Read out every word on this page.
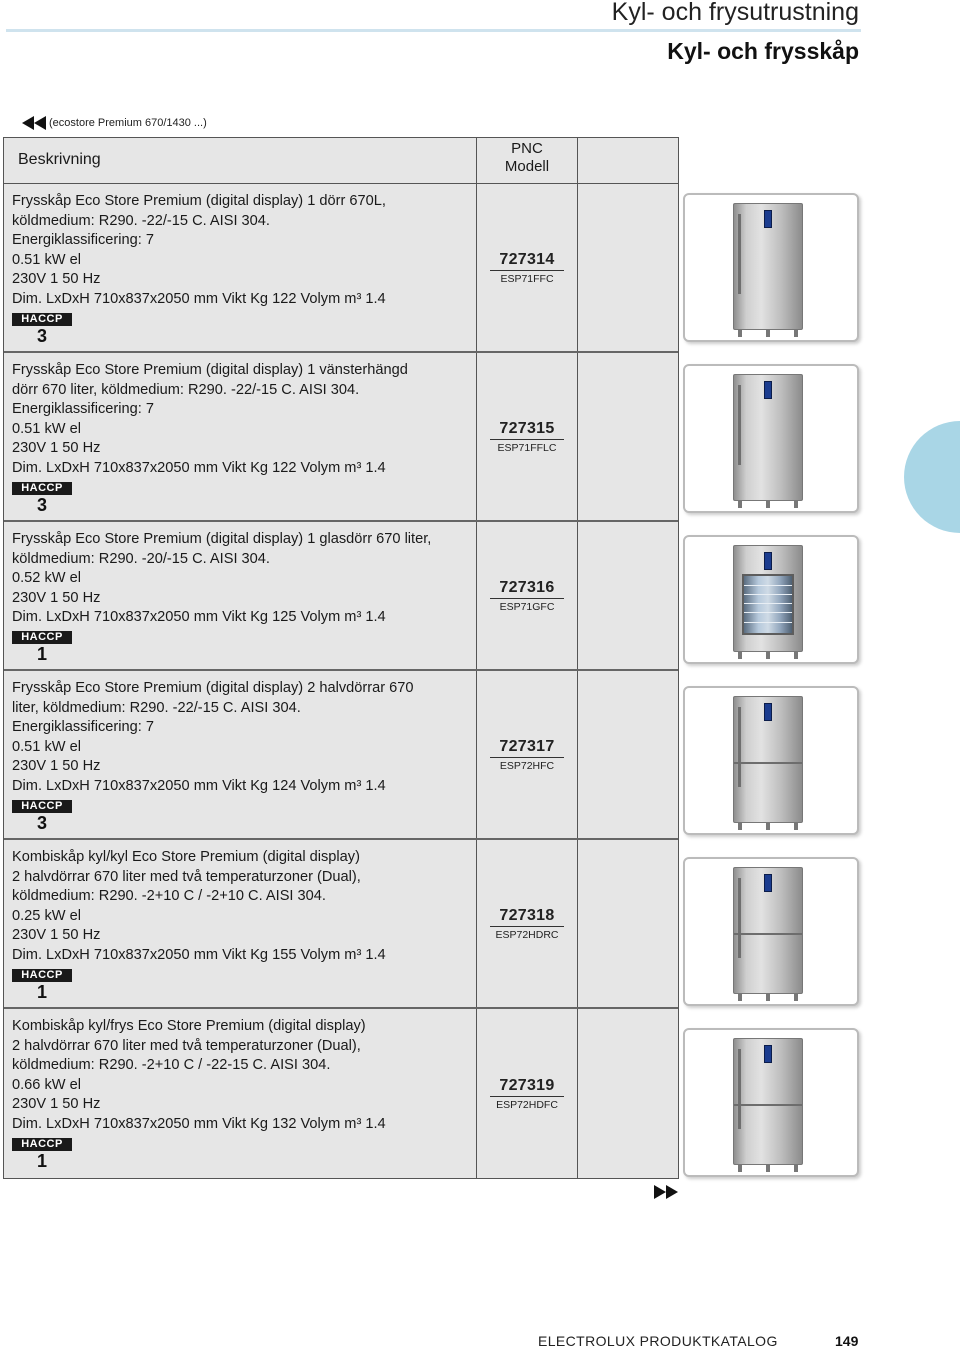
Kyl- och frysutrustning
Kyl- och frysskåp
(ecostore Premium 670/1430 ...)
Beskrivning
PNC
Modell
Frysskåp Eco Store Premium (digital display) 1 dörr 670L,
köldmedium: R290. -22/-15 C. AISI 304.
Energiklassificering: 7
0.51 kW el
230V 1 50 Hz
Dim. LxDxH 710x837x2050 mm Vikt Kg 122 Volym m³ 1.4
HACCP
3
727314
ESP71FFC
Frysskåp Eco Store Premium (digital display) 1 vänsterhängd
dörr 670 liter, köldmedium: R290. -22/-15 C. AISI 304.
Energiklassificering: 7
0.51 kW el
230V 1 50 Hz
Dim. LxDxH 710x837x2050 mm Vikt Kg 122 Volym m³ 1.4
HACCP
3
727315
ESP71FFLC
Frysskåp Eco Store Premium (digital display) 1 glasdörr 670 liter,
köldmedium: R290. -20/-15 C. AISI 304.
0.52 kW el
230V 1 50 Hz
Dim. LxDxH 710x837x2050 mm Vikt Kg 125 Volym m³ 1.4
HACCP
1
727316
ESP71GFC
Frysskåp Eco Store Premium (digital display) 2 halvdörrar 670
liter, köldmedium: R290. -22/-15 C. AISI 304.
Energiklassificering: 7
0.51 kW el
230V 1 50 Hz
Dim. LxDxH 710x837x2050 mm Vikt Kg 124 Volym m³ 1.4
HACCP
3
727317
ESP72HFC
Kombiskåp kyl/kyl Eco Store Premium (digital display)
2 halvdörrar 670 liter med två temperaturzoner (Dual),
köldmedium: R290. -2+10 C / -2+10 C. AISI 304.
0.25 kW el
230V 1 50 Hz
Dim. LxDxH 710x837x2050 mm Vikt Kg 155 Volym m³ 1.4
HACCP
1
727318
ESP72HDRC
Kombiskåp kyl/frys Eco Store Premium (digital display)
2 halvdörrar 670 liter med två temperaturzoner (Dual),
köldmedium: R290. -2+10 C / -22-15 C. AISI 304.
0.66 kW el
230V 1 50 Hz
Dim. LxDxH 710x837x2050 mm Vikt Kg 132 Volym m³ 1.4
HACCP
1
727319
ESP72HDFC
ELECTROLUX PRODUKTKATALOG	149
